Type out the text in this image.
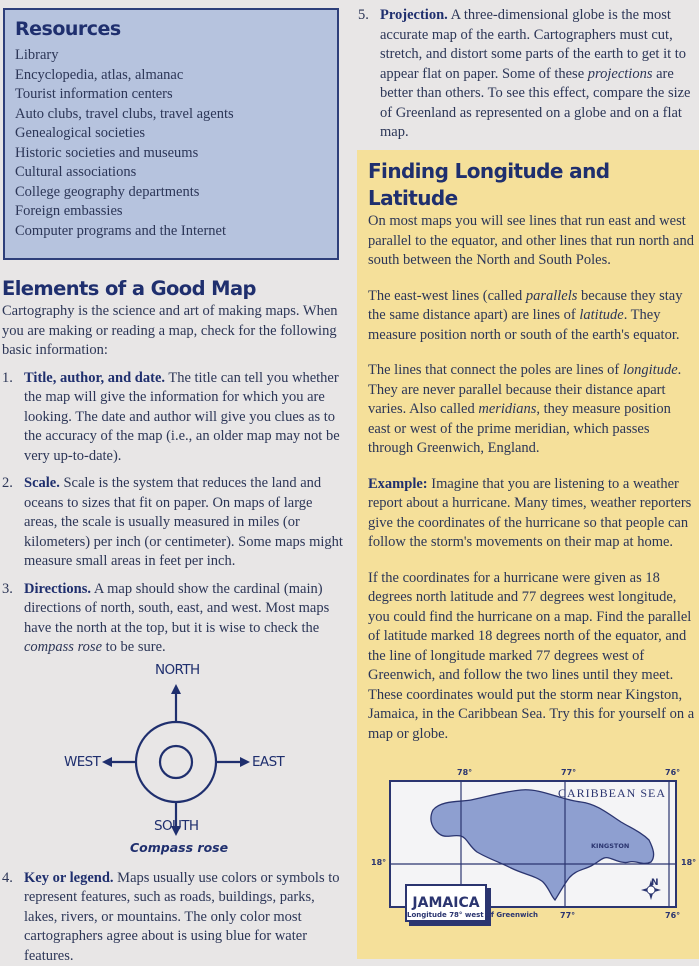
Resources
Library
Encyclopedia, atlas, almanac
Tourist information centers
Auto clubs, travel clubs, travel agents
Genealogical societies
Historic societies and museums
Cultural associations
College geography departments
Foreign embassies
Computer programs and the Internet
Elements of a Good Map

Cartography is the science and art of making maps. When you are making or reading a map, check for the following basic information:

1. Title, author, and date. The title can tell you whether the map will give the information for which you are looking. The date and author will give you clues as to the accuracy of the map (i.e., an older map may not be very up-to-date).
2. Scale. Scale is the system that reduces the land and oceans to sizes that fit on paper. On maps of large areas, the scale is usually measured in miles (or kilometers) per inch (or centimeter). Some maps might measure small areas in feet per inch.
3. Directions. A map should show the cardinal (main) directions of north, south, east, and west. Most maps have the north at the top, but it is wise to check the compass rose to be sure.
NORTH
WEST	EAST
SOUTH
Compass rose
4. Key or legend. Maps usually use colors or symbols to represent features, such as roads, buildings, parks, lakes, rivers, or mountains. The only color most cartographers agree about is using blue for water features.
5. Projection. A three-dimensional globe is the most accurate map of the earth. Cartographers must cut, stretch, and distort some parts of the earth to get it to appear flat on paper. Some of these projections are better than others. To see this effect, compare the size of Greenland as represented on a globe and on a flat map.
Finding Longitude and Latitude

On most maps you will see lines that run east and west parallel to the equator, and other lines that run north and south between the North and South Poles.

The east-west lines (called parallels because they stay the same distance apart) are lines of latitude. They measure position north or south of the earth's equator.

The lines that connect the poles are lines of longitude. They are never parallel because their distance apart varies. Also called meridians, they measure position east or west of the prime meridian, which passes through Greenwich, England.

Example: Imagine that you are listening to a weather report about a hurricane. Many times, weather reporters give the coordinates of the hurricane so that people can follow the storm's movements on their map at home.

If the coordinates for a hurricane were given as 18 degrees north latitude and 77 degrees west longitude, you could find the hurricane on a map. Find the parallel of latitude marked 18 degrees north of the equator, and the line of longitude marked 77 degrees west of Greenwich, and follow the two lines until they meet. These coordinates would put the storm near Kingston, Jamaica, in the Caribbean Sea. Try this for yourself on a map or globe.

78°	77°	76°
CARIBBEAN SEA
KINGSTON
18°	18°
JAMAICA
N
Longitude 78° west of Greenwich	77°	76°
